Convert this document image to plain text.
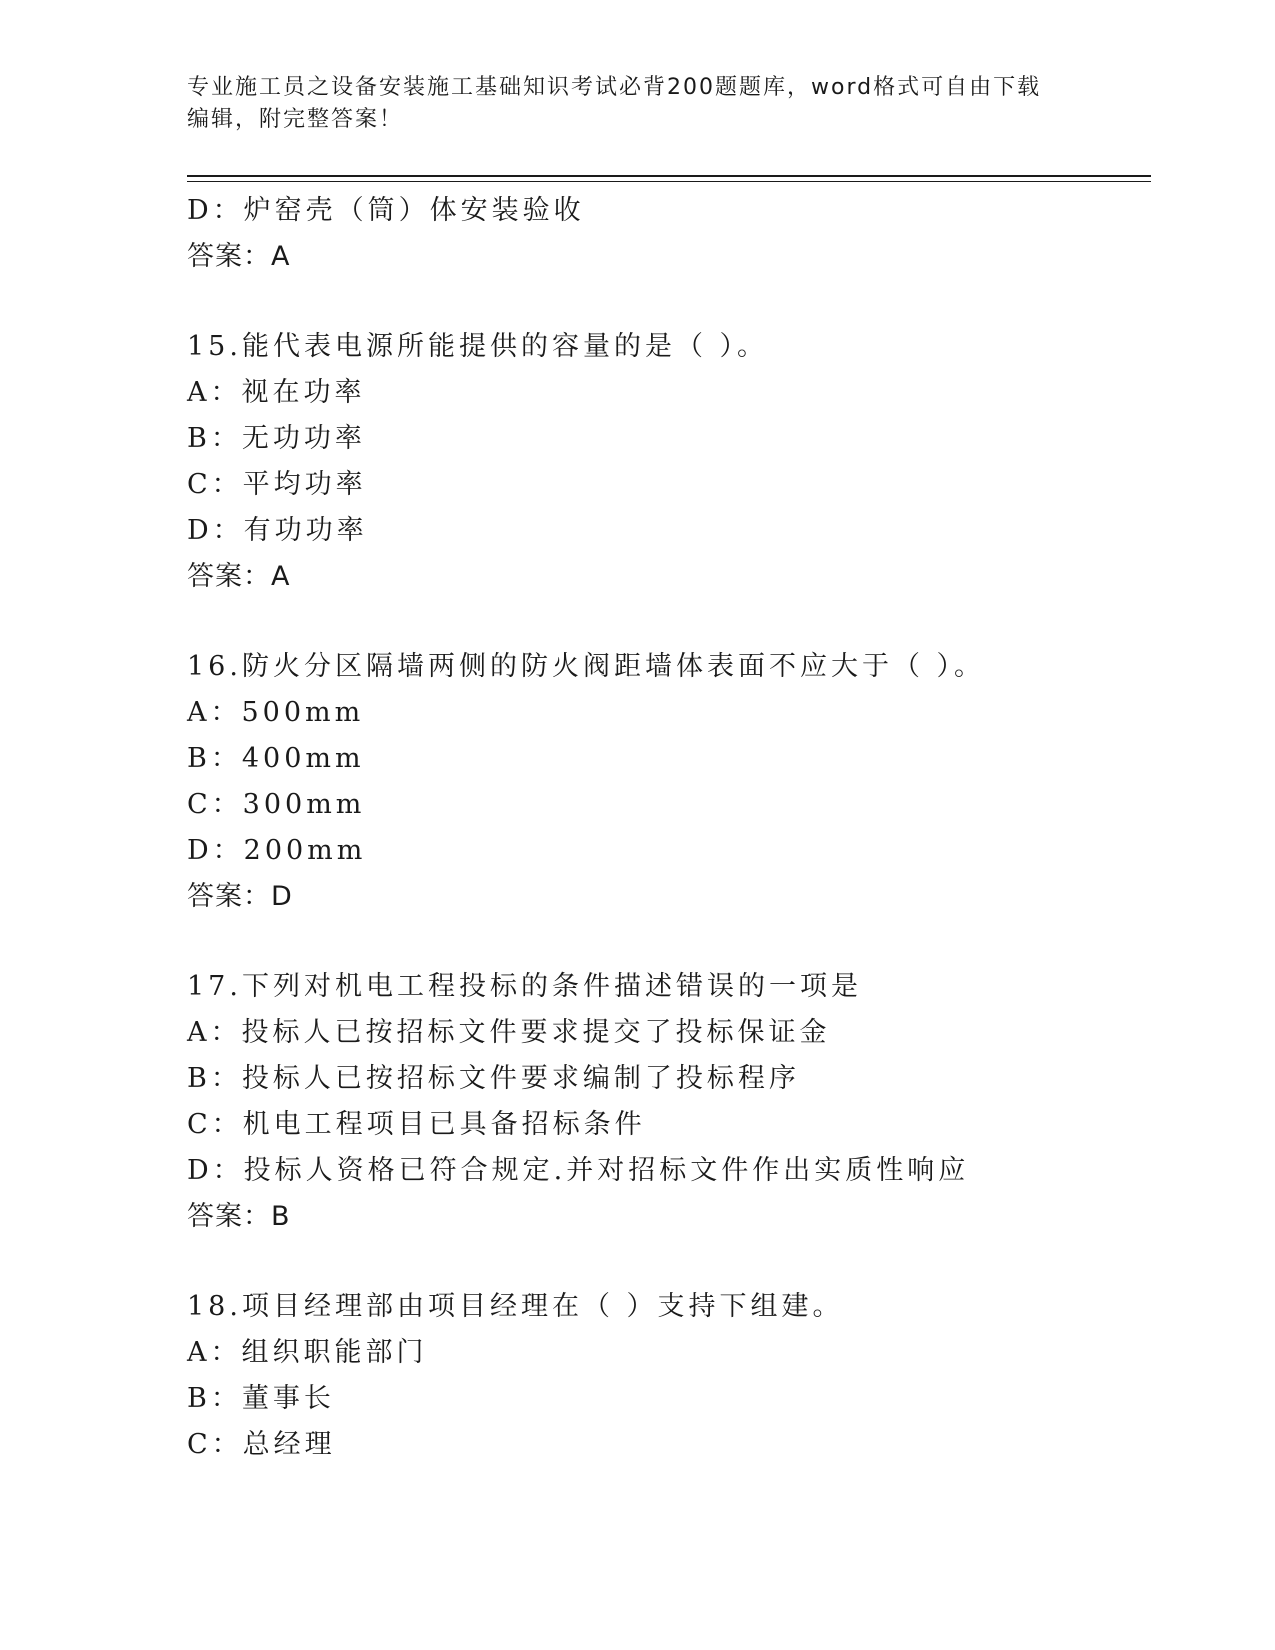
专业施工员之设备安装施工基础知识考试必背200题题库，word格式可自由下载
编辑，附完整答案！
D：炉窑壳（筒）体安装验收
答案：A
15.能代表电源所能提供的容量的是（ ）。
A：视在功率
B：无功功率
C：平均功率
D：有功功率
答案：A
16.防火分区隔墙两侧的防火阀距墙体表面不应大于（ ）。
A：500mm
B：400mm
C：300mm
D：200mm
答案：D
17.下列对机电工程投标的条件描述错误的一项是
A：投标人已按招标文件要求提交了投标保证金
B：投标人已按招标文件要求编制了投标程序
C：机电工程项目已具备招标条件
D：投标人资格已符合规定.并对招标文件作出实质性响应
答案：B
18.项目经理部由项目经理在（ ）支持下组建。
A：组织职能部门
B：董事长
C：总经理
